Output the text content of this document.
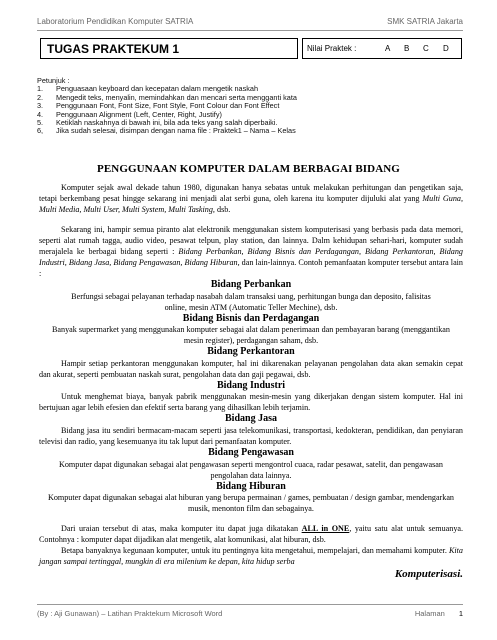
Laboratorium Pendidikan Komputer SATRIA	SMK SATRIA Jakarta
TUGAS PRAKTEKUM 1	Nilai Praktek :	A B C D
Petunjuk :
1. Penguasaan keyboard dan kecepatan dalam mengetik naskah
2. Mengedit teks, menyalin, memindahkan dan mencari serta mengganti kata
3. Penggunaan Font, Font Size, Font Style, Font Colour dan Font Effect
4. Penggunaan Alignment (Left, Center, Right, Justify)
5. Ketiklah naskahnya di bawah ini, bila ada teks yang salah diperbaiki.
6, Jika sudah selesai, disimpan dengan nama file : Praktek1 – Nama – Kelas
PENGGUNAAN KOMPUTER DALAM BERBAGAI BIDANG

Komputer sejak awal dekade tahun 1980, digunakan hanya sebatas untuk melakukan perhitungan dan pengetikan saja, tetapi berkembang pesat hingge sekarang ini menjadi alat serbi guna, oleh karena itu komputer dijuluki alat yang Multi Guna, Multi Media, Multi User, Multi System, Multi Tasking, dsb.

Sekarang ini, hampir semua piranto alat elektronik menggunakan sistem komputerisasi yang berbasis pada data memori, seperti alat rumah tagga, audio video, pesawat telpun, play station, dan lainnya. Dalm kehidupan sehari-hari, komputer sudah merajalela ke berbagai bidang seperti : Bidang Perbankan, Bidang Bisnis dan Perdagangan, Bidang Perkantoran, Bidang Industri, Bidang Jasa, Bidang Pengawasan, Bidang Hiburan, dan lain-lainnya. Contoh pemanfaatan komputer tersebut antara lain :

Bidang Perbankan

Berfungsi sebagai pelayanan terhadap nasabah dalam transaksi uang, perhitungan bunga dan deposito, falisitas online, mesin ATM (Automatic Teller Mechine), dsb.

Bidang Bisnis dan Perdagangan

Banyak supermarket yang menggunakan komputer sebagai alat dalam penerimaan dan pembayaran barang (menggantikan mesin register), perdagangan saham, dsb.

Bidang Perkantoran

Hampir setiap perkantoran menggunakan komputer, hal ini dikarenakan pelayanan pengolahan data akan semakin cepat dan akurat, seperti pembuatan naskah surat, pengolahan data dan gaji pegawai, dsb.

Bidang Industri

Untuk menghemat biaya, banyak pabrik menggunakan mesin-mesin yang dikerjakan dengan sistem komputer. Hal ini bertujuan agar lebih efesien dan efektif serta barang yang dihasilkan lebih terjamin.

Bidang Jasa

Bidang jasa itu sendiri bermacam-macam seperti jasa telekomunikasi, transportasi, kedokteran, pendidikan, dan penyiaran televisi dan radio, yang kesemuanya itu tak luput dari pemanfaatan komputer.

Bidang Pengawasan

Komputer dapat digunakan sebagai alat pengawasan seperti mengontrol cuaca, radar pesawat, satelit, dan pengawasan pengolahan data lainnya.

Bidang Hiburan

Komputer dapat digunakan sebagai alat hiburan yang berupa permainan / games, pembuatan / design gambar, mendengarkan musik, menonton film dan sebagainya.

Dari uraian tersebut di atas, maka komputer itu dapat juga dikatakan ALL in ONE, yaitu satu alat untuk semuanya. Contohnya : komputer dapat dijadikan alat mengetik, alat komunikasi, alat hiburan, dsb.

Betapa banyaknya kegunaan komputer, untuk itu pentingnya kita mengetahui, mempelajari, dan memahami komputer. Kita jangan sampai tertinggal, mungkin di era milenium ke depan, kita hidup serba

Komputerisasi.

(By : Aji Gunawan) – Latihan Praktekum Microsoft Word	Halaman 1
